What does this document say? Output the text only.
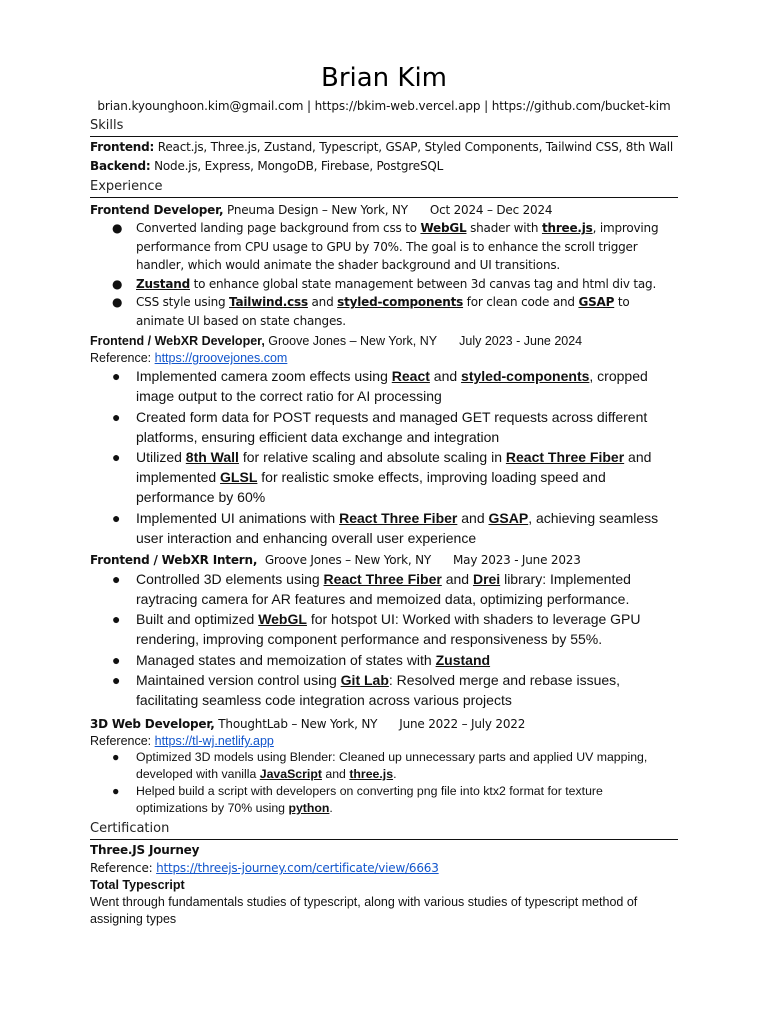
Brian Kim
brian.kyounghoon.kim@gmail.com | https://bkim-web.vercel.app | https://github.com/bucket-kim
Skills
Frontend: React.js, Three.js, Zustand, Typescript, GSAP, Styled Components, Tailwind CSS, 8th Wall
Backend: Node.js, Express, MongoDB, Firebase, PostgreSQL
Experience
Frontend Developer, Pneuma Design – New York, NY Oct 2024 – Dec 2024
● Converted landing page background from css to WebGL shader with three.js, improving performance from CPU usage to GPU by 70%. The goal is to enhance the scroll trigger handler, which would animate the shader background and UI transitions.
● Zustand to enhance global state management between 3d canvas tag and html div tag.
● CSS style using Tailwind.css and styled-components for clean code and GSAP to animate UI based on state changes.
Frontend / WebXR Developer, Groove Jones – New York, NY July 2023 - June 2024
Reference: https://groovejones.com
● Implemented camera zoom effects using React and styled-components, cropped image output to the correct ratio for AI processing
● Created form data for POST requests and managed GET requests across different platforms, ensuring efficient data exchange and integration
● Utilized 8th Wall for relative scaling and absolute scaling in React Three Fiber and implemented GLSL for realistic smoke effects, improving loading speed and performance by 60%
● Implemented UI animations with React Three Fiber and GSAP, achieving seamless user interaction and enhancing overall user experience
Frontend / WebXR Intern, Groove Jones – New York, NY May 2023 - June 2023
● Controlled 3D elements using React Three Fiber and Drei library: Implemented raytracing camera for AR features and memoized data, optimizing performance.
● Built and optimized WebGL for hotspot UI: Worked with shaders to leverage GPU rendering, improving component performance and responsiveness by 55%.
● Managed states and memoization of states with Zustand
● Maintained version control using Git Lab: Resolved merge and rebase issues, facilitating seamless code integration across various projects
3D Web Developer, ThoughtLab – New York, NY June 2022 – July 2022
Reference: https://tl-wj.netlify.app
● Optimized 3D models using Blender: Cleaned up unnecessary parts and applied UV mapping, developed with vanilla JavaScript and three.js.
● Helped build a script with developers on converting png file into ktx2 format for texture optimizations by 70% using python.
Certification
Three.JS Journey
Reference: https://threejs-journey.com/certificate/view/6663
Total Typescript
Went through fundamentals studies of typescript, along with various studies of typescript method of assigning types
